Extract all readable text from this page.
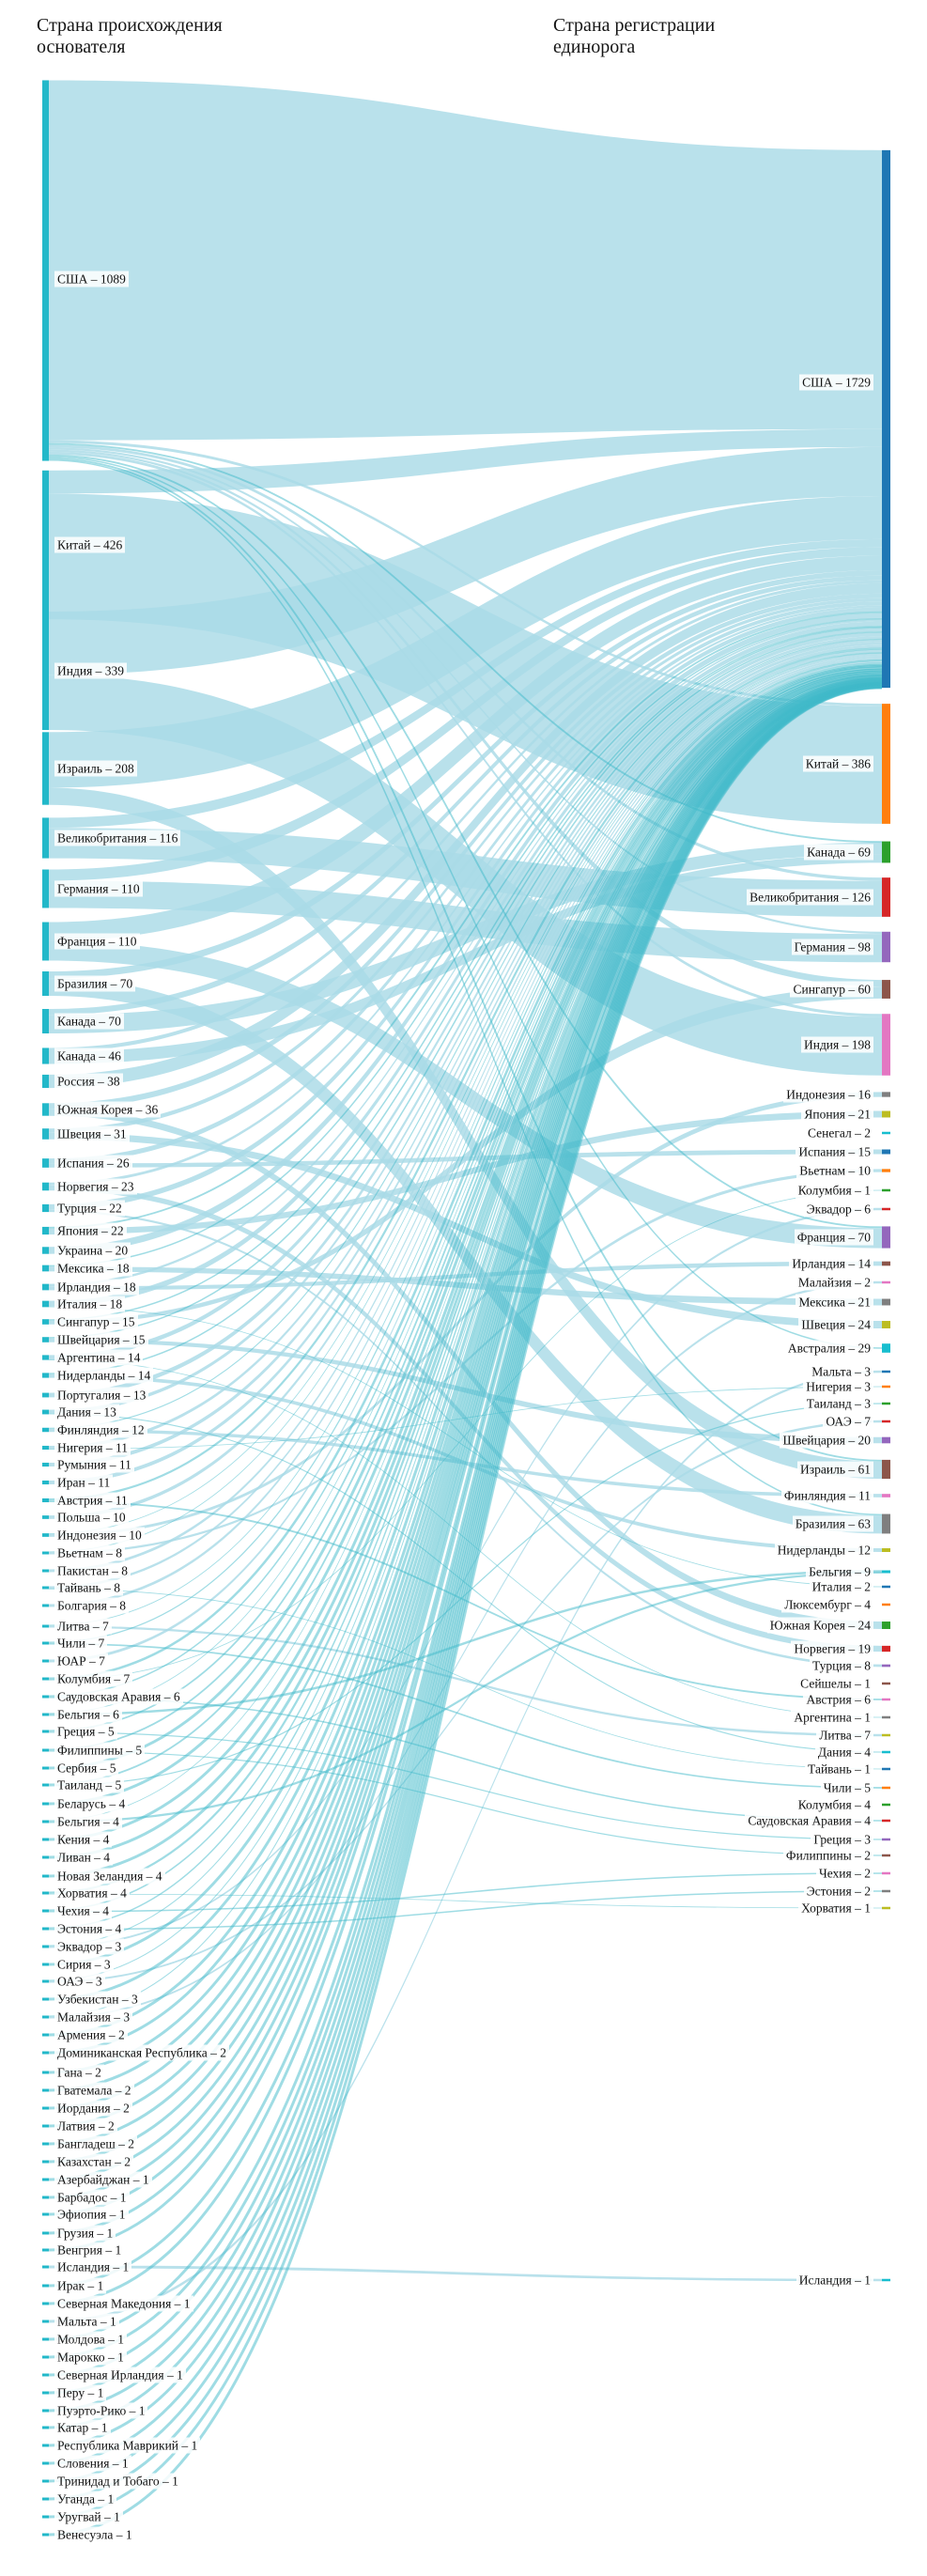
Страна происхождения основателя
Страна регистрации единорога
США – 1089
Китай – 426
Индия – 339
Израиль – 208
Великобритания – 116
Германия – 110
Франция – 110
Бразилия – 70
Канада – 70
Канада – 46
Россия – 38
Южная Корея – 36
Швеция – 31
Испания – 26
Норвегия – 23
Турция – 22
Япония – 22
Украина – 20
Мексика – 18
Ирландия – 18
Италия – 18
Сингапур – 15
Швейцария – 15
Аргентина – 14
Нидерланды – 14
Португалия – 13
Дания – 13
Финляндия – 12
Нигерия – 11
Румыния – 11
Иран – 11
Австрия – 11
Польша – 10
Индонезия – 10
Вьетнам – 8
Пакистан – 8
Тайвань – 8
Болгария – 8
Литва – 7
Чили – 7
ЮАР – 7
Колумбия – 7
Саудовская Аравия – 6
Бельгия – 6
Греция – 5
Филиппины – 5
Сербия – 5
Таиланд – 5
Беларусь – 4
Бельгия – 4
Кения – 4
Ливан – 4
Новая Зеландия – 4
Хорватия – 4
Чехия – 4
Эстония – 4
Эквадор – 3
Сирия – 3
ОАЭ – 3
Узбекистан – 3
Малайзия – 3
Армения – 2
Доминиканская Республика – 2
Гана – 2
Гватемала – 2
Иордания – 2
Латвия – 2
Бангладеш – 2
Казахстан – 2
Азербайджан – 1
Барбадос – 1
Эфиопия – 1
Грузия – 1
Венгрия – 1
Исландия – 1
Ирак – 1
Северная Македония – 1
Мальта – 1
Молдова – 1
Марокко – 1
Северная Ирландия – 1
Перу – 1
Пуэрто-Рико – 1
Катар – 1
Республика Маврикий – 1
Словения – 1
Тринидад и Тобаго – 1
Уганда – 1
Уругвай – 1
Венесуэла – 1
США – 1729
Китай – 386
Канада – 69
Великобритания – 126
Германия – 98
Сингапур – 60
Индия – 198
Индонезия – 16
Япония – 21
Сенегал – 2
Испания – 15
Вьетнам – 10
Колумбия – 1
Эквадор – 6
Франция – 70
Ирландия – 14
Малайзия – 2
Мексика – 21
Швеция – 24
Австралия – 29
Мальта – 3
Нигерия – 3
Таиланд – 3
ОАЭ – 7
Швейцария – 20
Израиль – 61
Финляндия – 11
Бразилия – 63
Нидерланды – 12
Бельгия – 9
Италия – 2
Люксембург – 4
Южная Корея – 24
Норвегия – 19
Турция – 8
Сейшелы – 1
Австрия – 6
Аргентина – 1
Литва – 7
Дания – 4
Тайвань – 1
Чили – 5
Колумбия – 4
Саудовская Аравия – 4
Греция – 3
Филиппины – 2
Чехия – 2
Эстония – 2
Хорватия – 1
Исландия – 1
